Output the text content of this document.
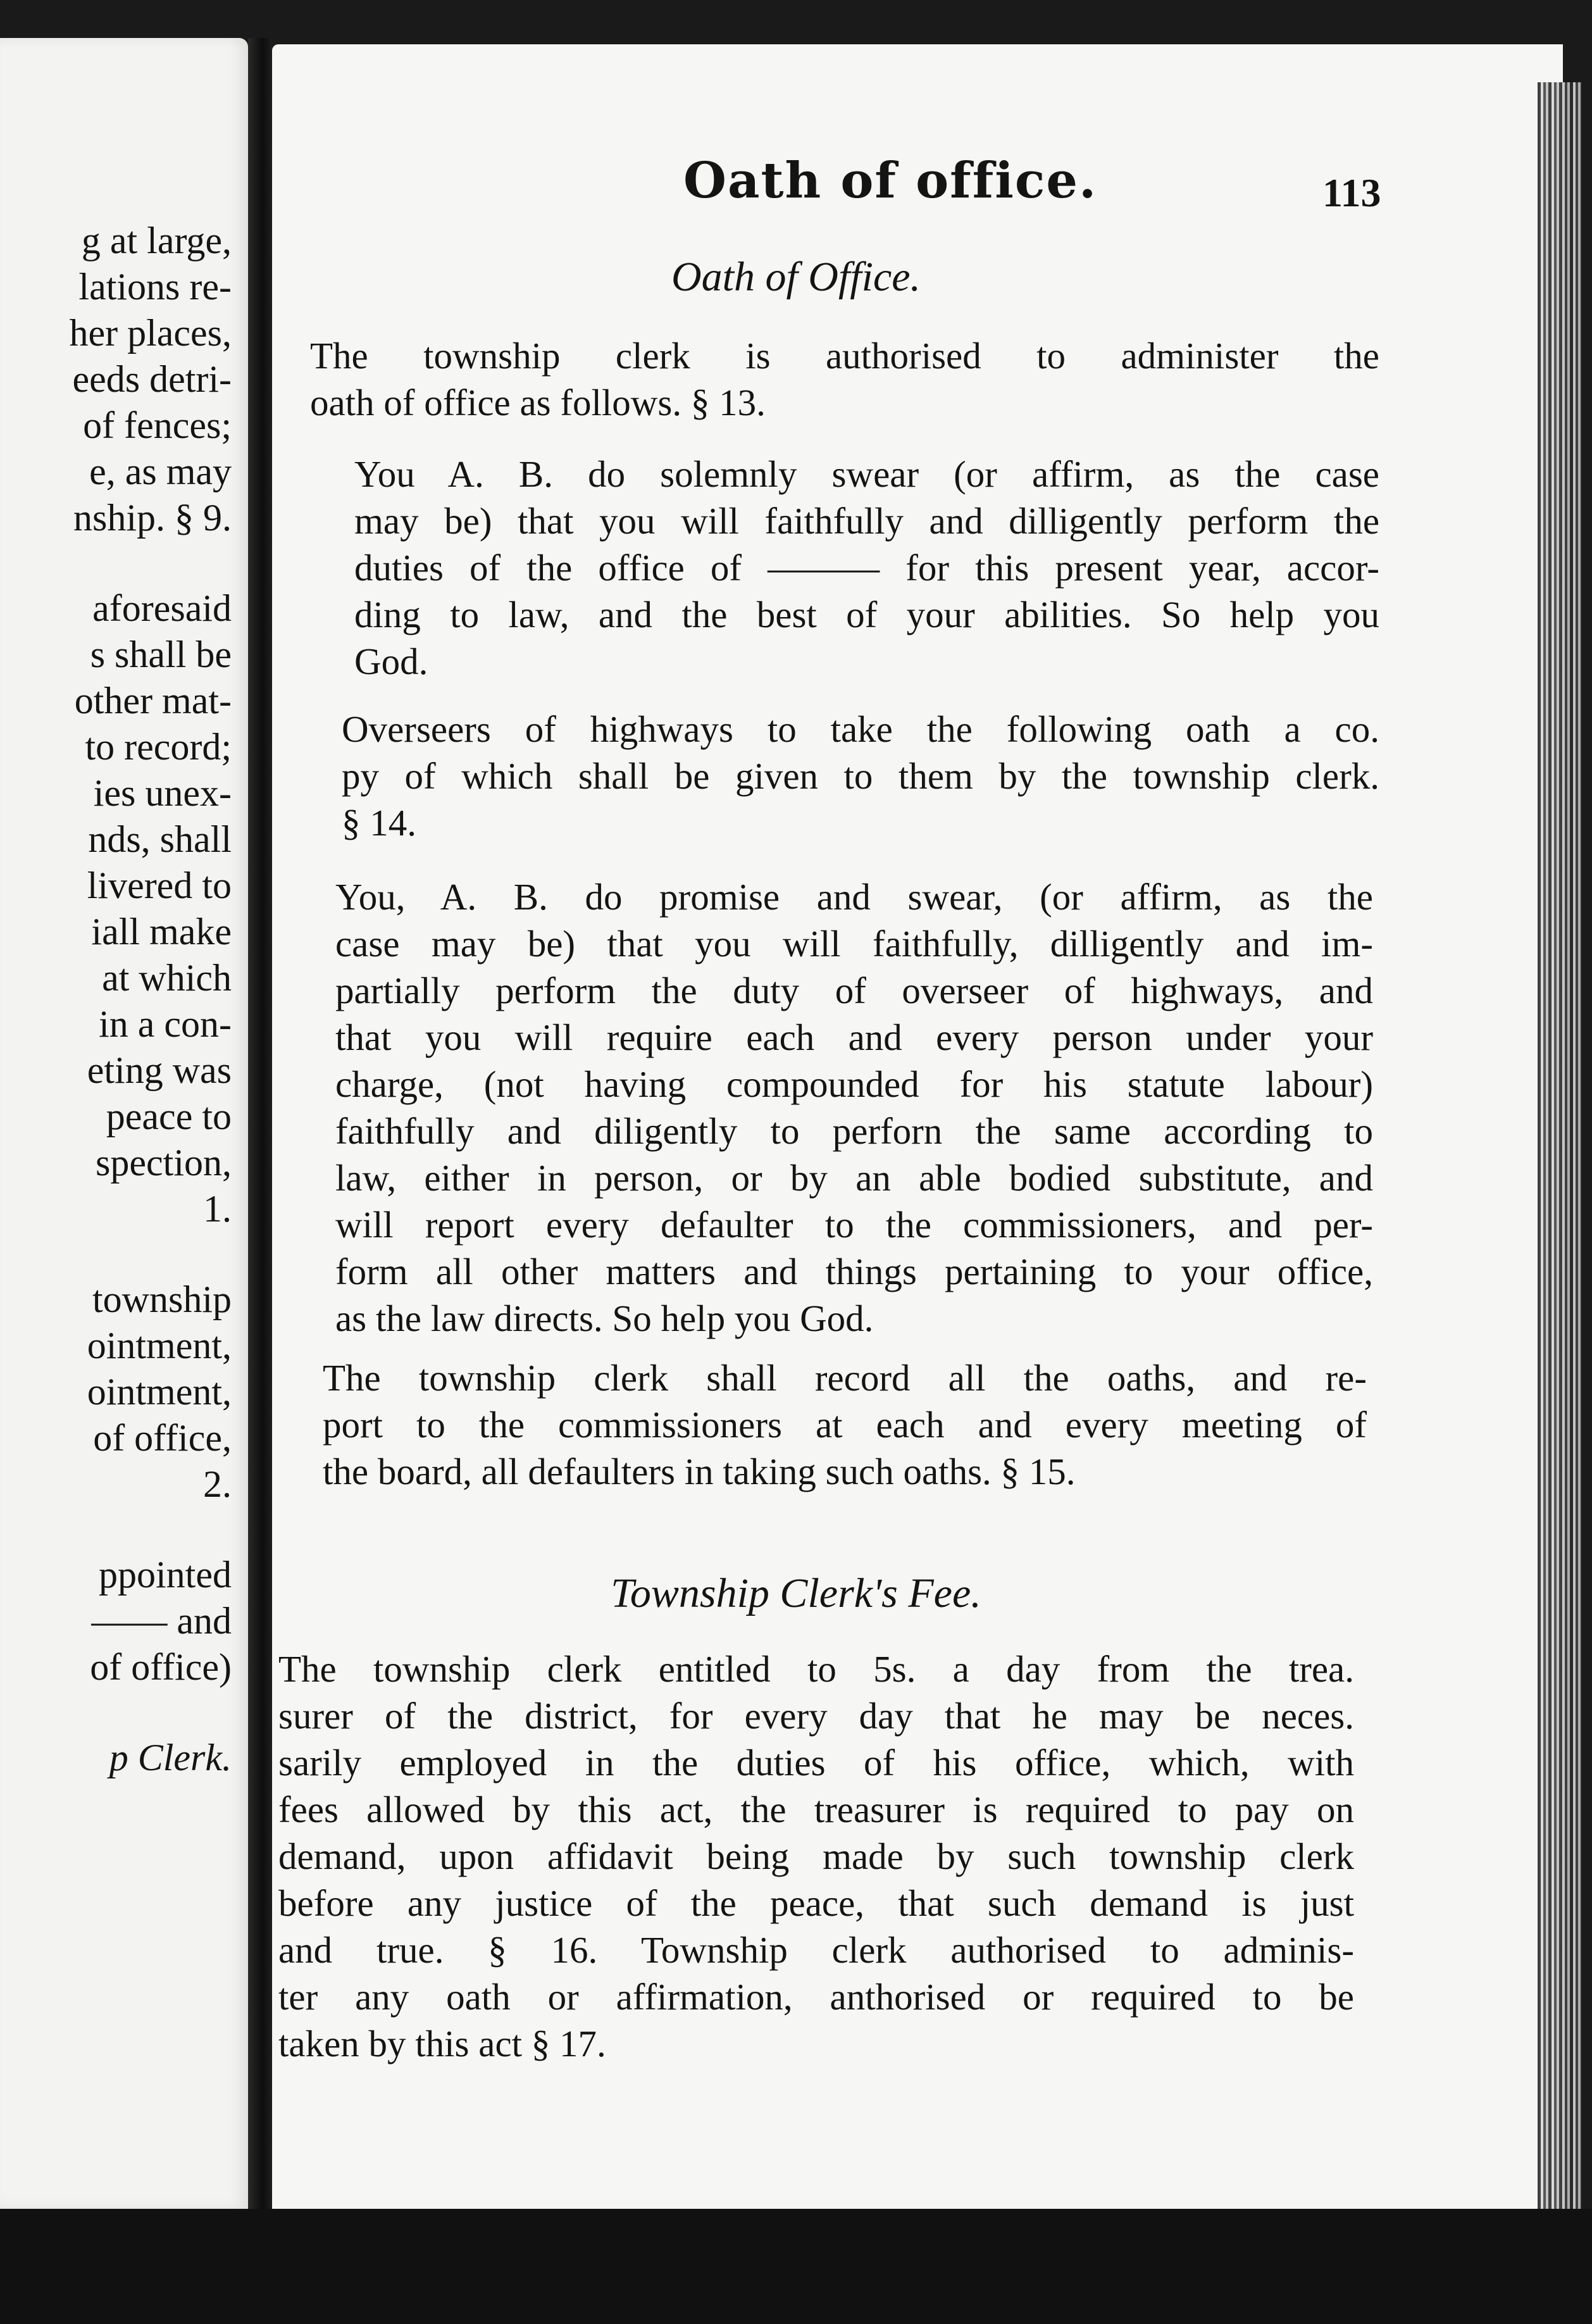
g at large,
lations re-
her places,
eeds detri-
of fences;
e, as may
nship. § 9.
aforesaid
s shall be
other mat-
to record;
ies unex-
nds, shall
livered to
iall make
at which
in a con-
eting was
peace to
spection,
1.
township
ointment,
ointment,
of office,
2.
ppointed
—— and
of office)
p Clerk.
Oath of office.	113
Oath of Office.
The township clerk is authorised to administer the
oath of office as follows. § 13.
You A. B. do solemnly swear (or affirm, as the case
may be) that you will faithfully and dilligently perform the
duties of the office of ——— for this present year, accor-
ding to law, and the best of your abilities. So help you
God.
Overseers of highways to take the following oath a co.
py of which shall be given to them by the township clerk.
§ 14.
You, A. B. do promise and swear, (or affirm, as the
case may be) that you will faithfully, dilligently and im-
partially perform the duty of overseer of highways, and
that you will require each and every person under your
charge, (not having compounded for his statute labour)
faithfully and diligently to perforn the same according to
law, either in person, or by an able bodied substitute, and
will report every defaulter to the commissioners, and per-
form all other matters and things pertaining to your office,
as the law directs. So help you God.
The township clerk shall record all the oaths, and re-
port to the commissioners at each and every meeting of
the board, all defaulters in taking such oaths. § 15.
Township Clerk's Fee.
The township clerk entitled to 5s. a day from the trea.
surer of the district, for every day that he may be neces.
sarily employed in the duties of his office, which, with
fees allowed by this act, the treasurer is required to pay on
demand, upon affidavit being made by such township clerk
before any justice of the peace, that such demand is just
and true. § 16. Township clerk authorised to adminis-
ter any oath or affirmation, anthorised or required to be
taken by this act § 17.
